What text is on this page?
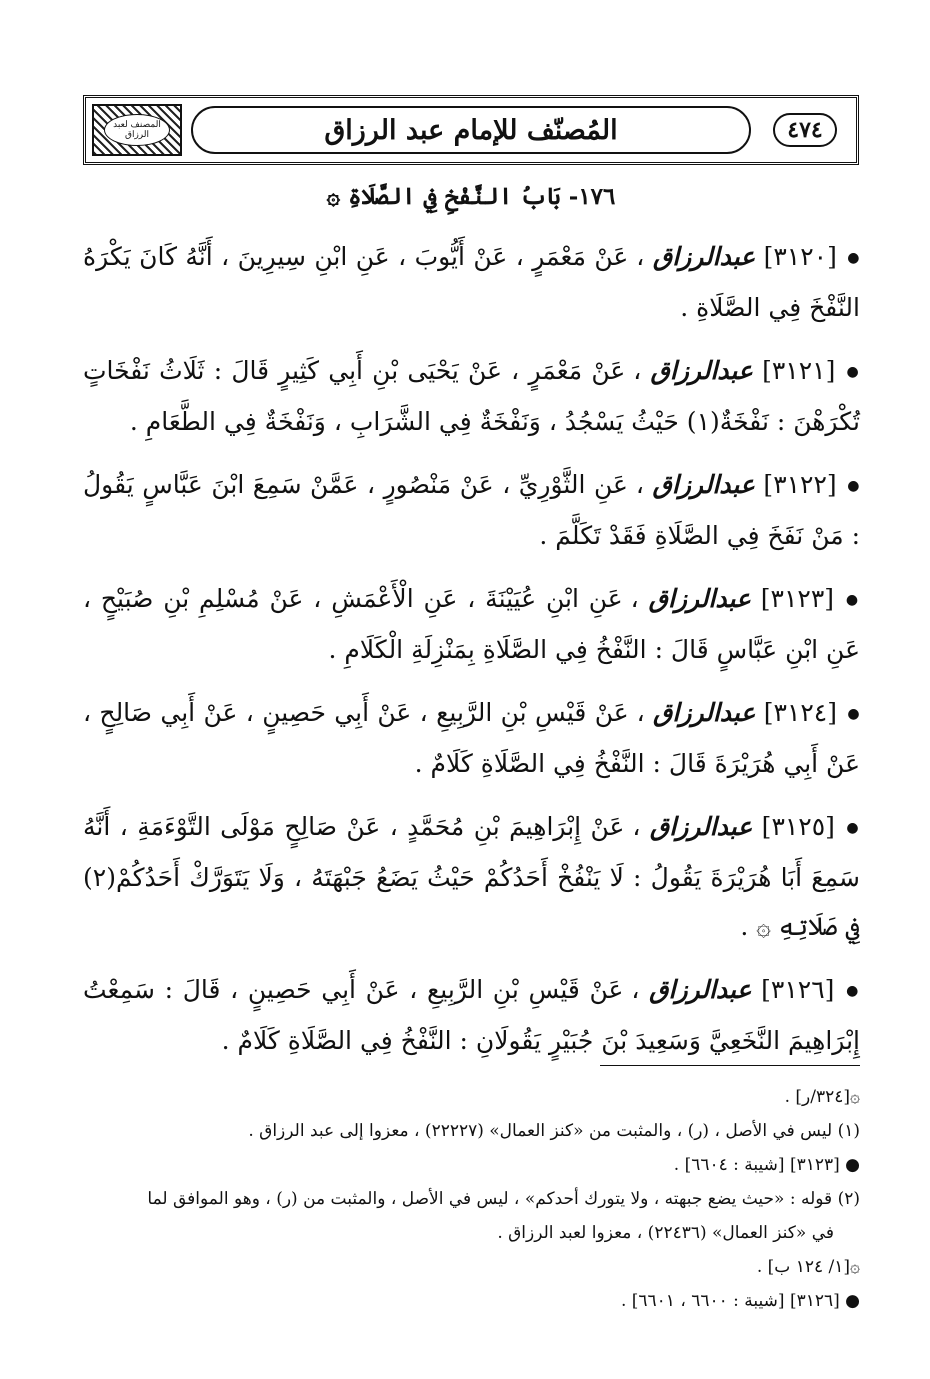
المصنف لعبد الرزاق	المُصنّف للإمام عبد الرزاق	٤٧٤
١٧٦- بَابُ النَّفْخِ فِي الصَّلَاةِ ۞

● [٣١٢٠] عبدالرزاق ، عَنْ مَعْمَرٍ ، عَنْ أَيُّوبَ ، عَنِ ابْنِ سِيرِينَ ، أَنَّهُ كَانَ يَكْرَهُ النَّفْخَ فِي الصَّلَاةِ .

● [٣١٢١] عبدالرزاق ، عَنْ مَعْمَرٍ ، عَنْ يَحْيَى بْنِ أَبِي كَثِيرٍ قَالَ : ثَلَاثُ نَفْخَاتٍ تُكْرَهْنَ : نَفْخَةٌ(١) حَيْثُ يَسْجُدُ ، وَنَفْخَةٌ فِي الشَّرَابِ ، وَنَفْخَةٌ فِي الطَّعَامِ .

● [٣١٢٢] عبدالرزاق ، عَنِ الثَّوْرِيِّ ، عَنْ مَنْصُورٍ ، عَمَّنْ سَمِعَ ابْنَ عَبَّاسٍ يَقُولُ : مَنْ نَفَخَ فِي الصَّلَاةِ فَقَدْ تَكَلَّمَ .

● [٣١٢٣] عبدالرزاق ، عَنِ ابْنِ عُيَيْنَةَ ، عَنِ الْأَعْمَشِ ، عَنْ مُسْلِمِ بْنِ صُبَيْحٍ ، عَنِ ابْنِ عَبَّاسٍ قَالَ : النَّفْخُ فِي الصَّلَاةِ بِمَنْزِلَةِ الْكَلَامِ .

● [٣١٢٤] عبدالرزاق ، عَنْ قَيْسِ بْنِ الرَّبِيعِ ، عَنْ أَبِي حَصِينٍ ، عَنْ أَبِي صَالِحٍ ، عَنْ أَبِي هُرَيْرَةَ قَالَ : النَّفْخُ فِي الصَّلَاةِ كَلَامٌ .

● [٣١٢٥] عبدالرزاق ، عَنْ إِبْرَاهِيمَ بْنِ مُحَمَّدٍ ، عَنْ صَالِحٍ مَوْلَى التَّوْءَمَةِ ، أَنَّهُ سَمِعَ أَبَا هُرَيْرَةَ يَقُولُ : لَا يَنْفُخْ أَحَدُكُمْ حَيْثُ يَضَعُ جَبْهَتَهُ ، وَلَا يَتَوَرَّكْ أَحَدُكُمْ(٢) فِي صَلَاتِهِ ۞ .

● [٣١٢٦] عبدالرزاق ، عَنْ قَيْسِ بْنِ الرَّبِيعِ ، عَنْ أَبِي حَصِينٍ ، قَالَ : سَمِعْتُ إِبْرَاهِيمَ النَّخَعِيَّ وَسَعِيدَ بْنَ جُبَيْرٍ يَقُولَانِ : النَّفْخُ فِي الصَّلَاةِ كَلَامٌ .

۞[٣٢٤/ر] .
(١) ليس في الأصل ، (ر) ، والمثبت من «كنز العمال» (٢٢٢٢٧) ، معزوا إلى عبد الرزاق .
● [٣١٢٣] [شيبة : ٦٦٠٤] .
(٢) قوله : «حيث يضع جبهته ، ولا يتورك أحدكم» ، ليس في الأصل ، والمثبت من (ر) ، وهو الموافق لما
في «كنز العمال» (٢٢٤٣٦) ، معزوا لعبد الرزاق .
۞[١/ ١٢٤ ب] .
● [٣١٢٦] [شيبة : ٦٦٠٠ ، ٦٦٠١] .
